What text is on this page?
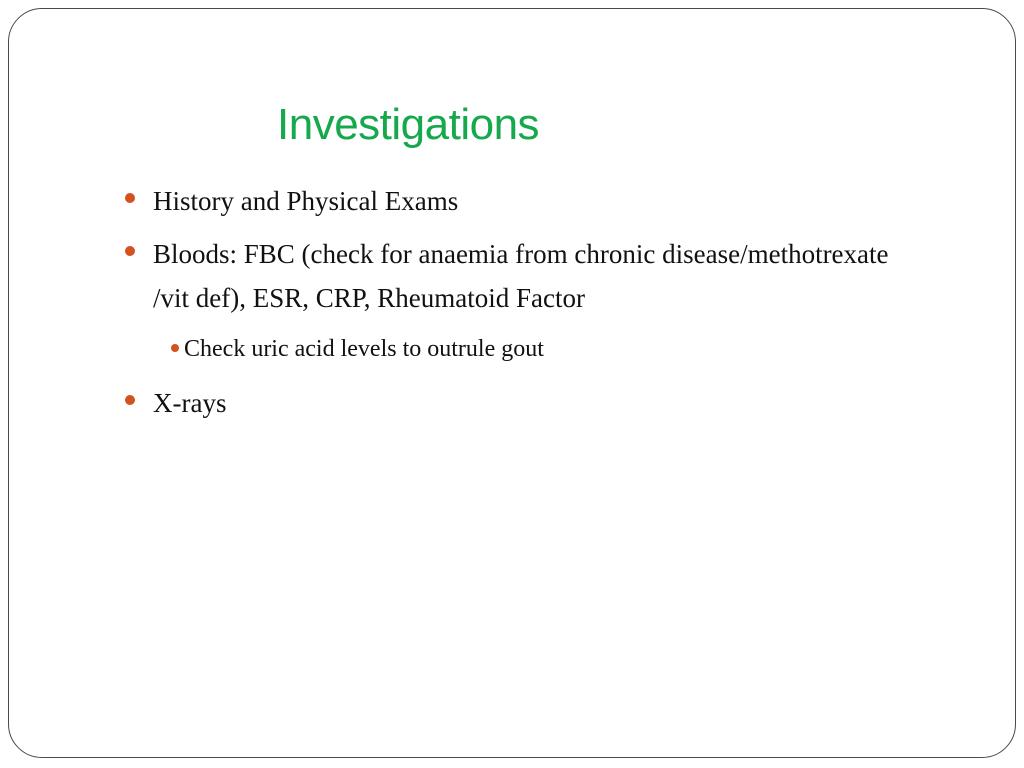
Investigations
History and Physical Exams
Bloods: FBC (check for anaemia from chronic disease/methotrexate /vit def), ESR, CRP, Rheumatoid Factor
Check uric acid levels to outrule gout
X-rays
